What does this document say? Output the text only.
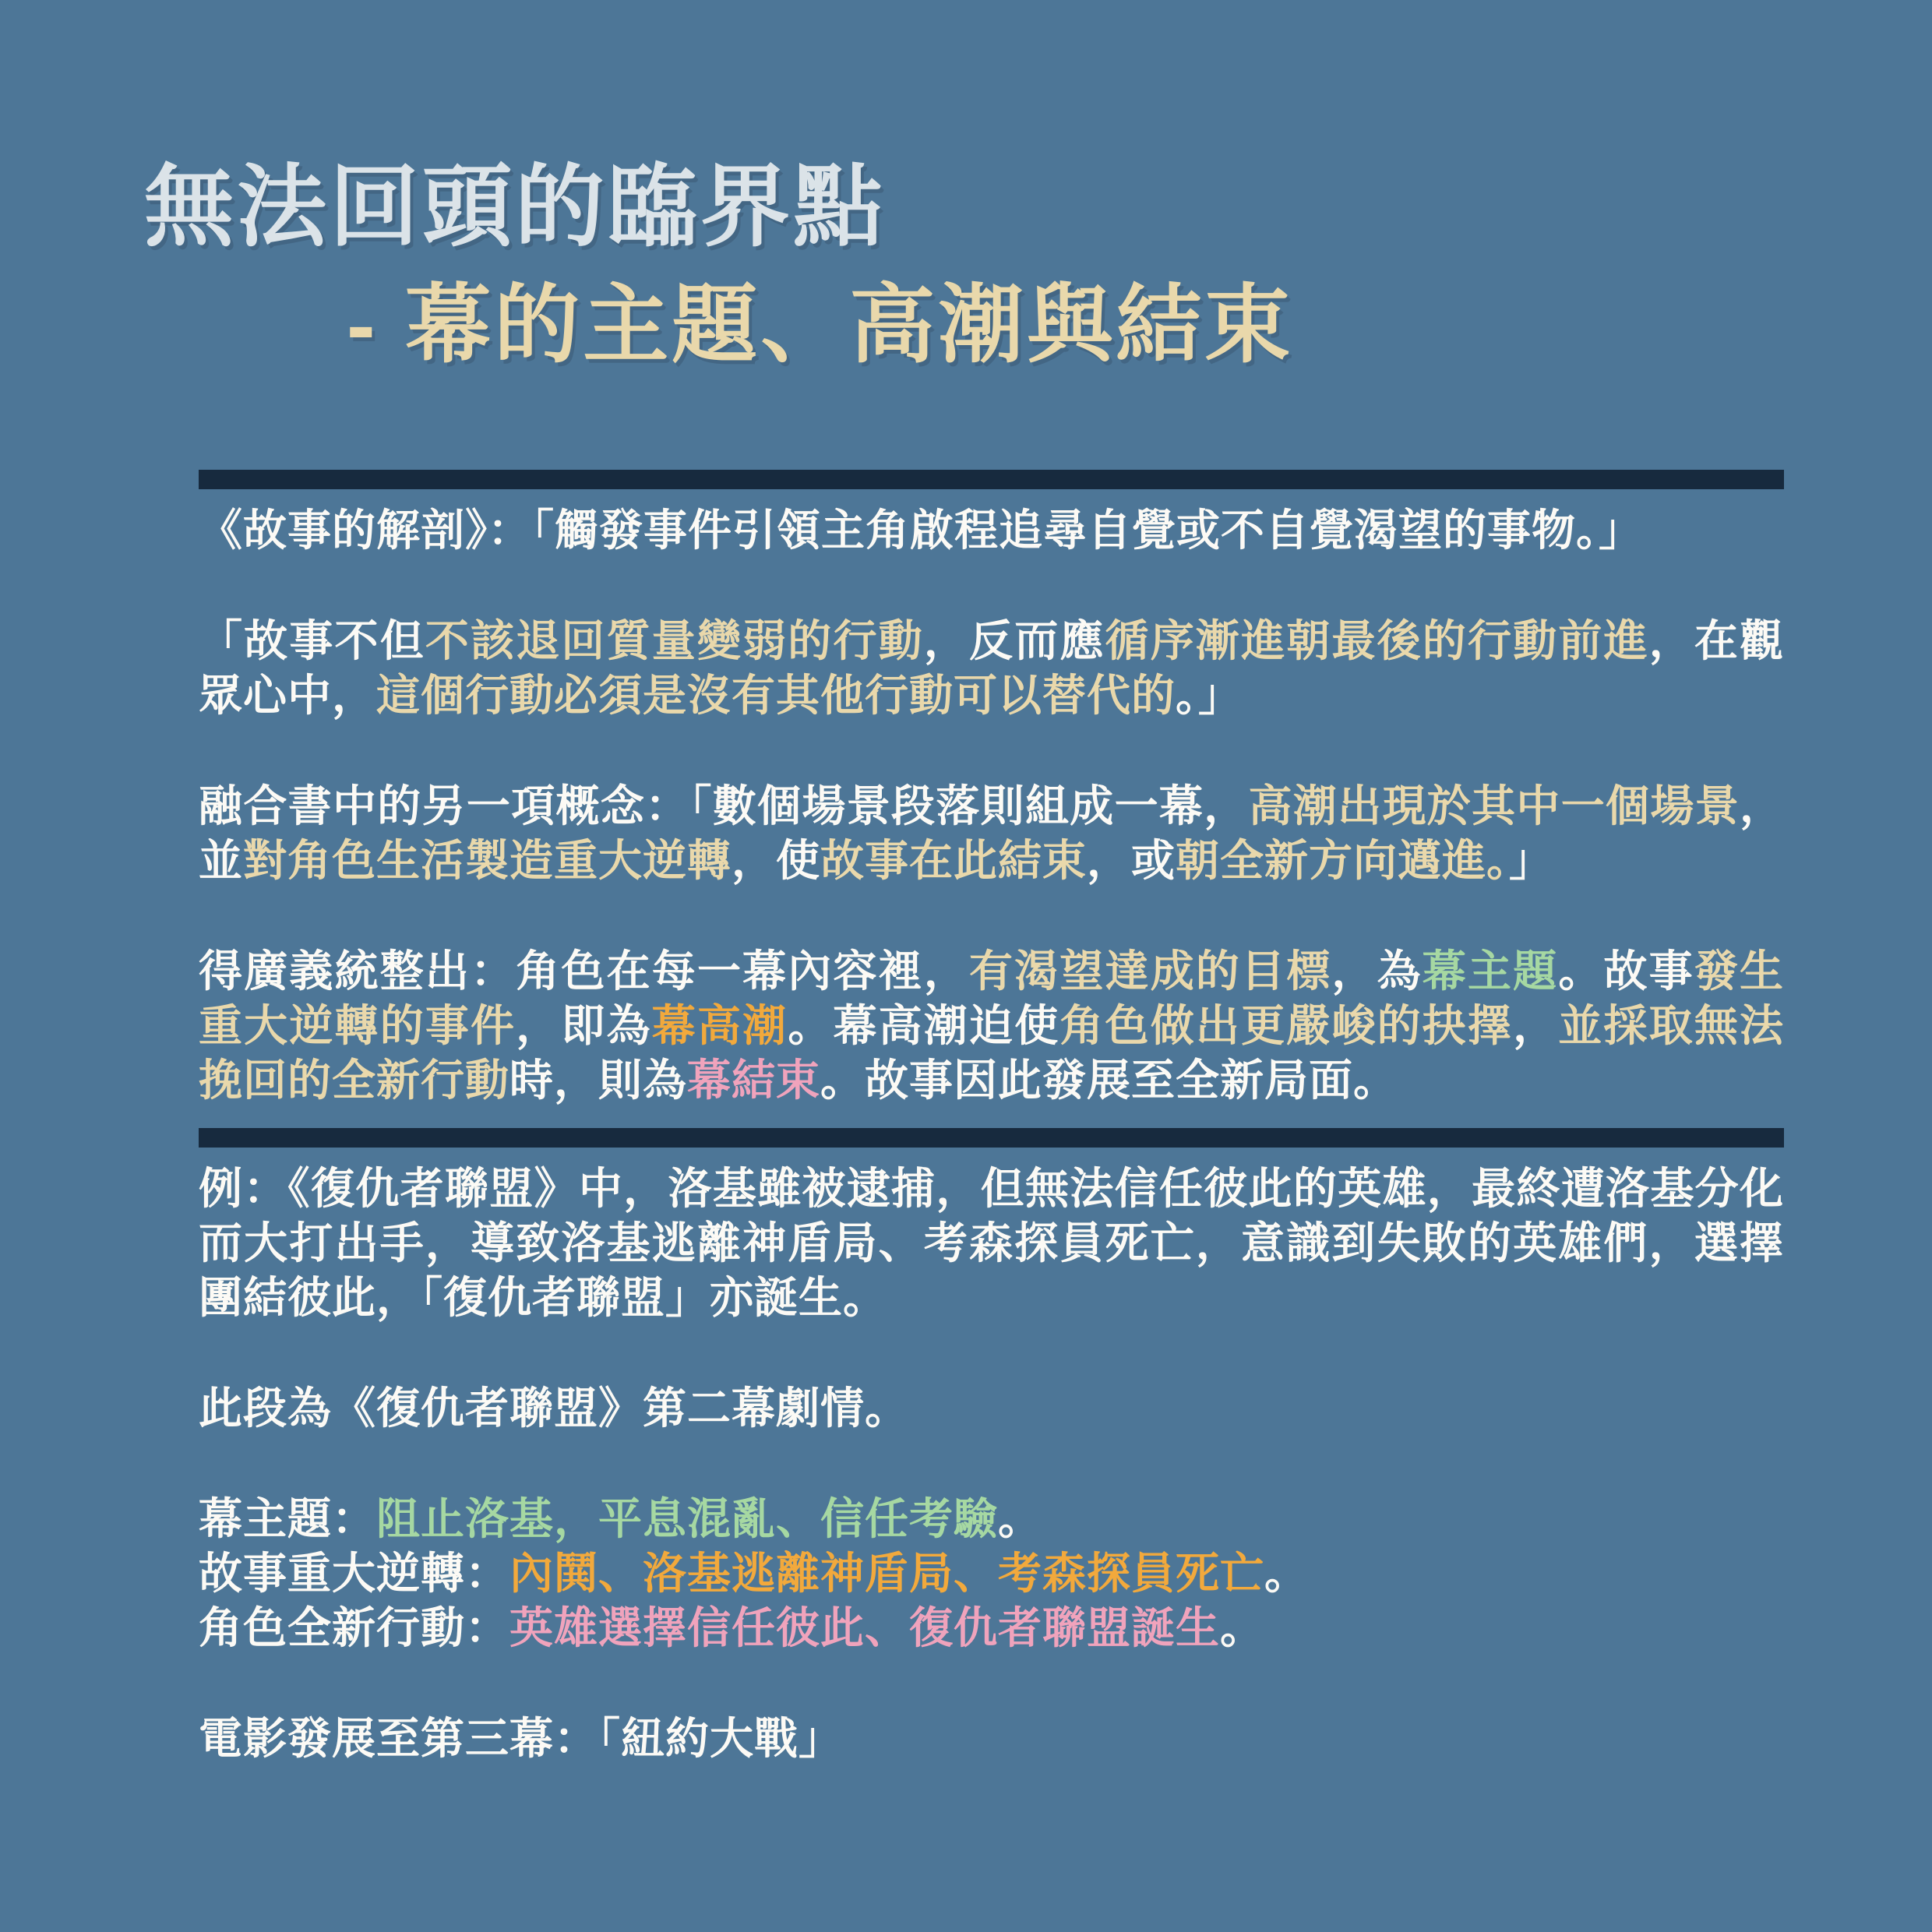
無法回頭的臨界點
- 幕的主題、高潮與結束

《故事的解剖》：「觸發事件引領主角啟程追尋自覺或不自覺渴望的事物。」

「故事不但不該退回質量變弱的行動，反而應循序漸進朝最後的行動前進，在觀眾心中，這個行動必須是沒有其他行動可以替代的。」

融合書中的另一項概念：「數個場景段落則組成一幕，高潮出現於其中一個場景，並對角色生活製造重大逆轉，使故事在此結束，或朝全新方向邁進。」

得廣義統整出：角色在每一幕內容裡，有渴望達成的目標，為幕主題。故事發生重大逆轉的事件，即為幕高潮。幕高潮迫使角色做出更嚴峻的抉擇，並採取無法挽回的全新行動時，則為幕結束。故事因此發展至全新局面。

例：《復仇者聯盟》中，洛基雖被逮捕，但無法信任彼此的英雄，最終遭洛基分化而大打出手，導致洛基逃離神盾局、考森探員死亡，意識到失敗的英雄們，選擇團結彼此，「復仇者聯盟」亦誕生。

此段為《復仇者聯盟》第二幕劇情。

幕主題：阻止洛基，平息混亂、信任考驗。

故事重大逆轉：內鬨、洛基逃離神盾局、考森探員死亡。

角色全新行動：英雄選擇信任彼此、復仇者聯盟誕生。

電影發展至第三幕：「紐約大戰」
